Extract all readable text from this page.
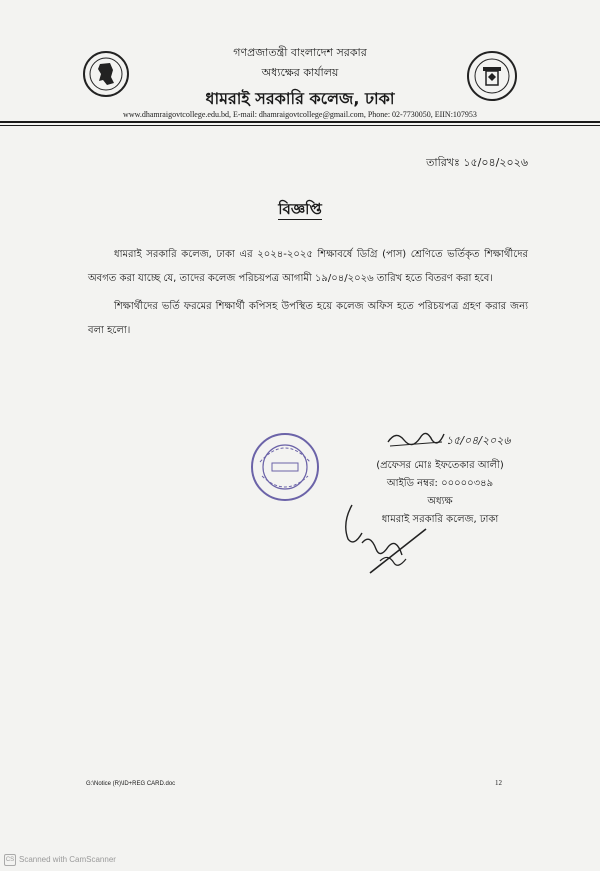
গণপ্রজাতন্ত্রী বাংলাদেশ সরকার
অধ্যক্ষের কার্যালয়
ধামরাই সরকারি কলেজ, ঢাকা
www.dhamraigovtcollege.edu.bd, E-mail: dhamraigovtcollege@gmail.com, Phone: 02-7730050, EIIN:107953
তারিখঃ ১৫/০৪/২০২৬
বিজ্ঞপ্তি
ধামরাই সরকারি কলেজ, ঢাকা এর ২০২৪-২০২৫ শিক্ষাবর্ষে ডিগ্রি (পাস) শ্রেণিতে ভর্তিকৃত শিক্ষার্থীদের অবগত করা যাচ্ছে যে, তাদের কলেজ পরিচয়পত্র আগামী ১৯/০৪/২০২৬ তারিখ হতে বিতরণ করা হবে।
শিক্ষার্থীদের ভর্তি ফরমের শিক্ষার্থী কপিসহ উপস্থিত হয়ে কলেজ অফিস হতে পরিচয়পত্র গ্রহণ করার জন্য বলা হলো।
১৫/০৪/২০২৬
(প্রফেসর মোঃ ইফতেকার আলী)
আইডি নম্বর: ০০০০০৩৪৯
অধ্যক্ষ
ধামরাই সরকারি কলেজ, ঢাকা
G:\Notice (R)\ID+REG CARD.doc	12
CS Scanned with CamScanner
